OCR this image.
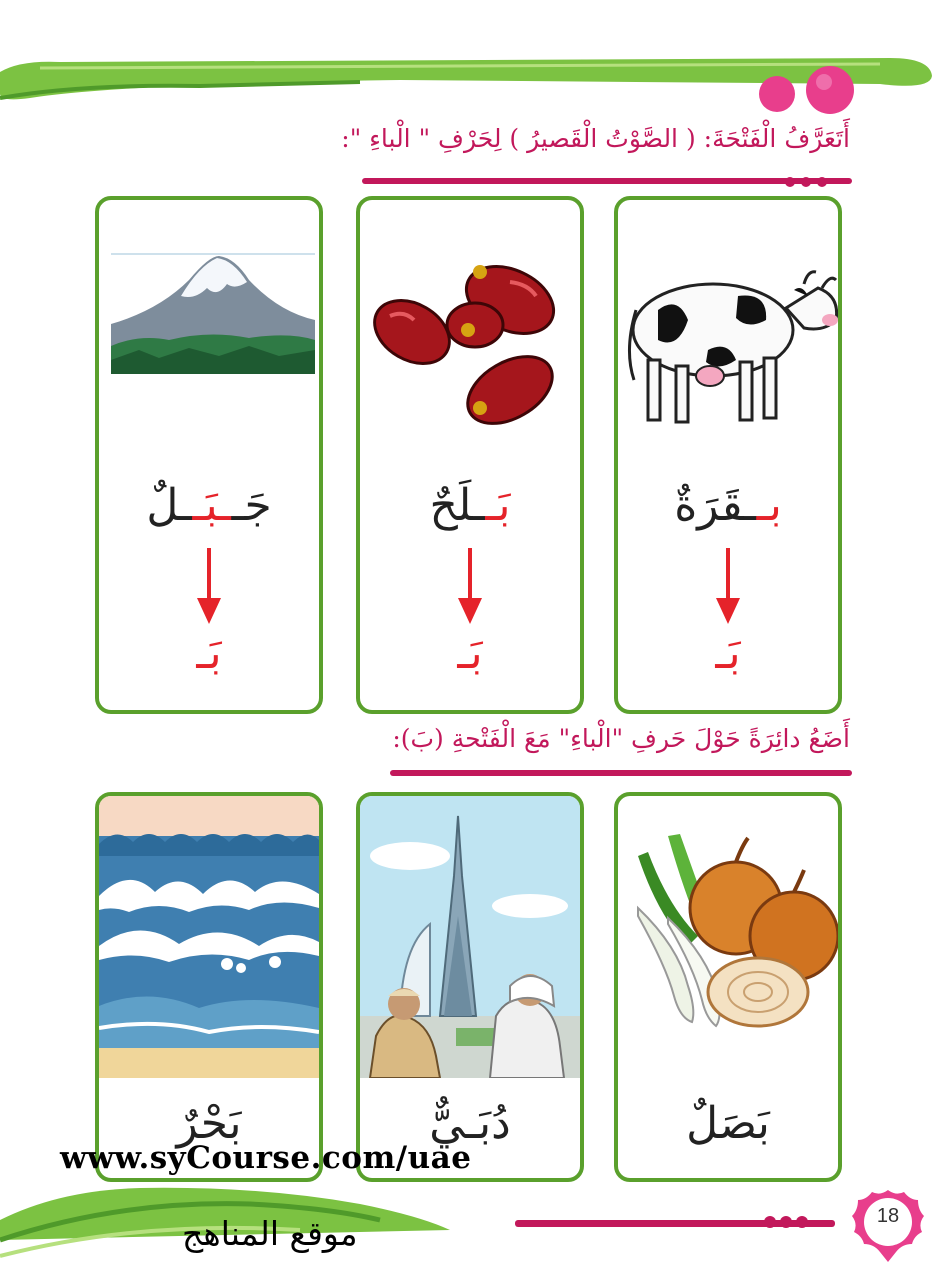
أَتَعَرَّفُ الْفَتْحَةَ: ( الصَّوْتُ الْقَصيرُ ) لِحَرْفِ " الْباءِ ":
بــقَرَةٌ
بَـ
بَــلَحٌ
بَـ
جَــبَــلٌ
بَـ
أَضَعُ دائِرَةً حَوْلَ حَرفِ "الْباءِ" مَعَ الْفَتْحةِ (بَ):
بَصَلٌ
دُبَـيٌّ
بَحْرٌ
www.syCourse.com/uae
موقع المناهج	18
